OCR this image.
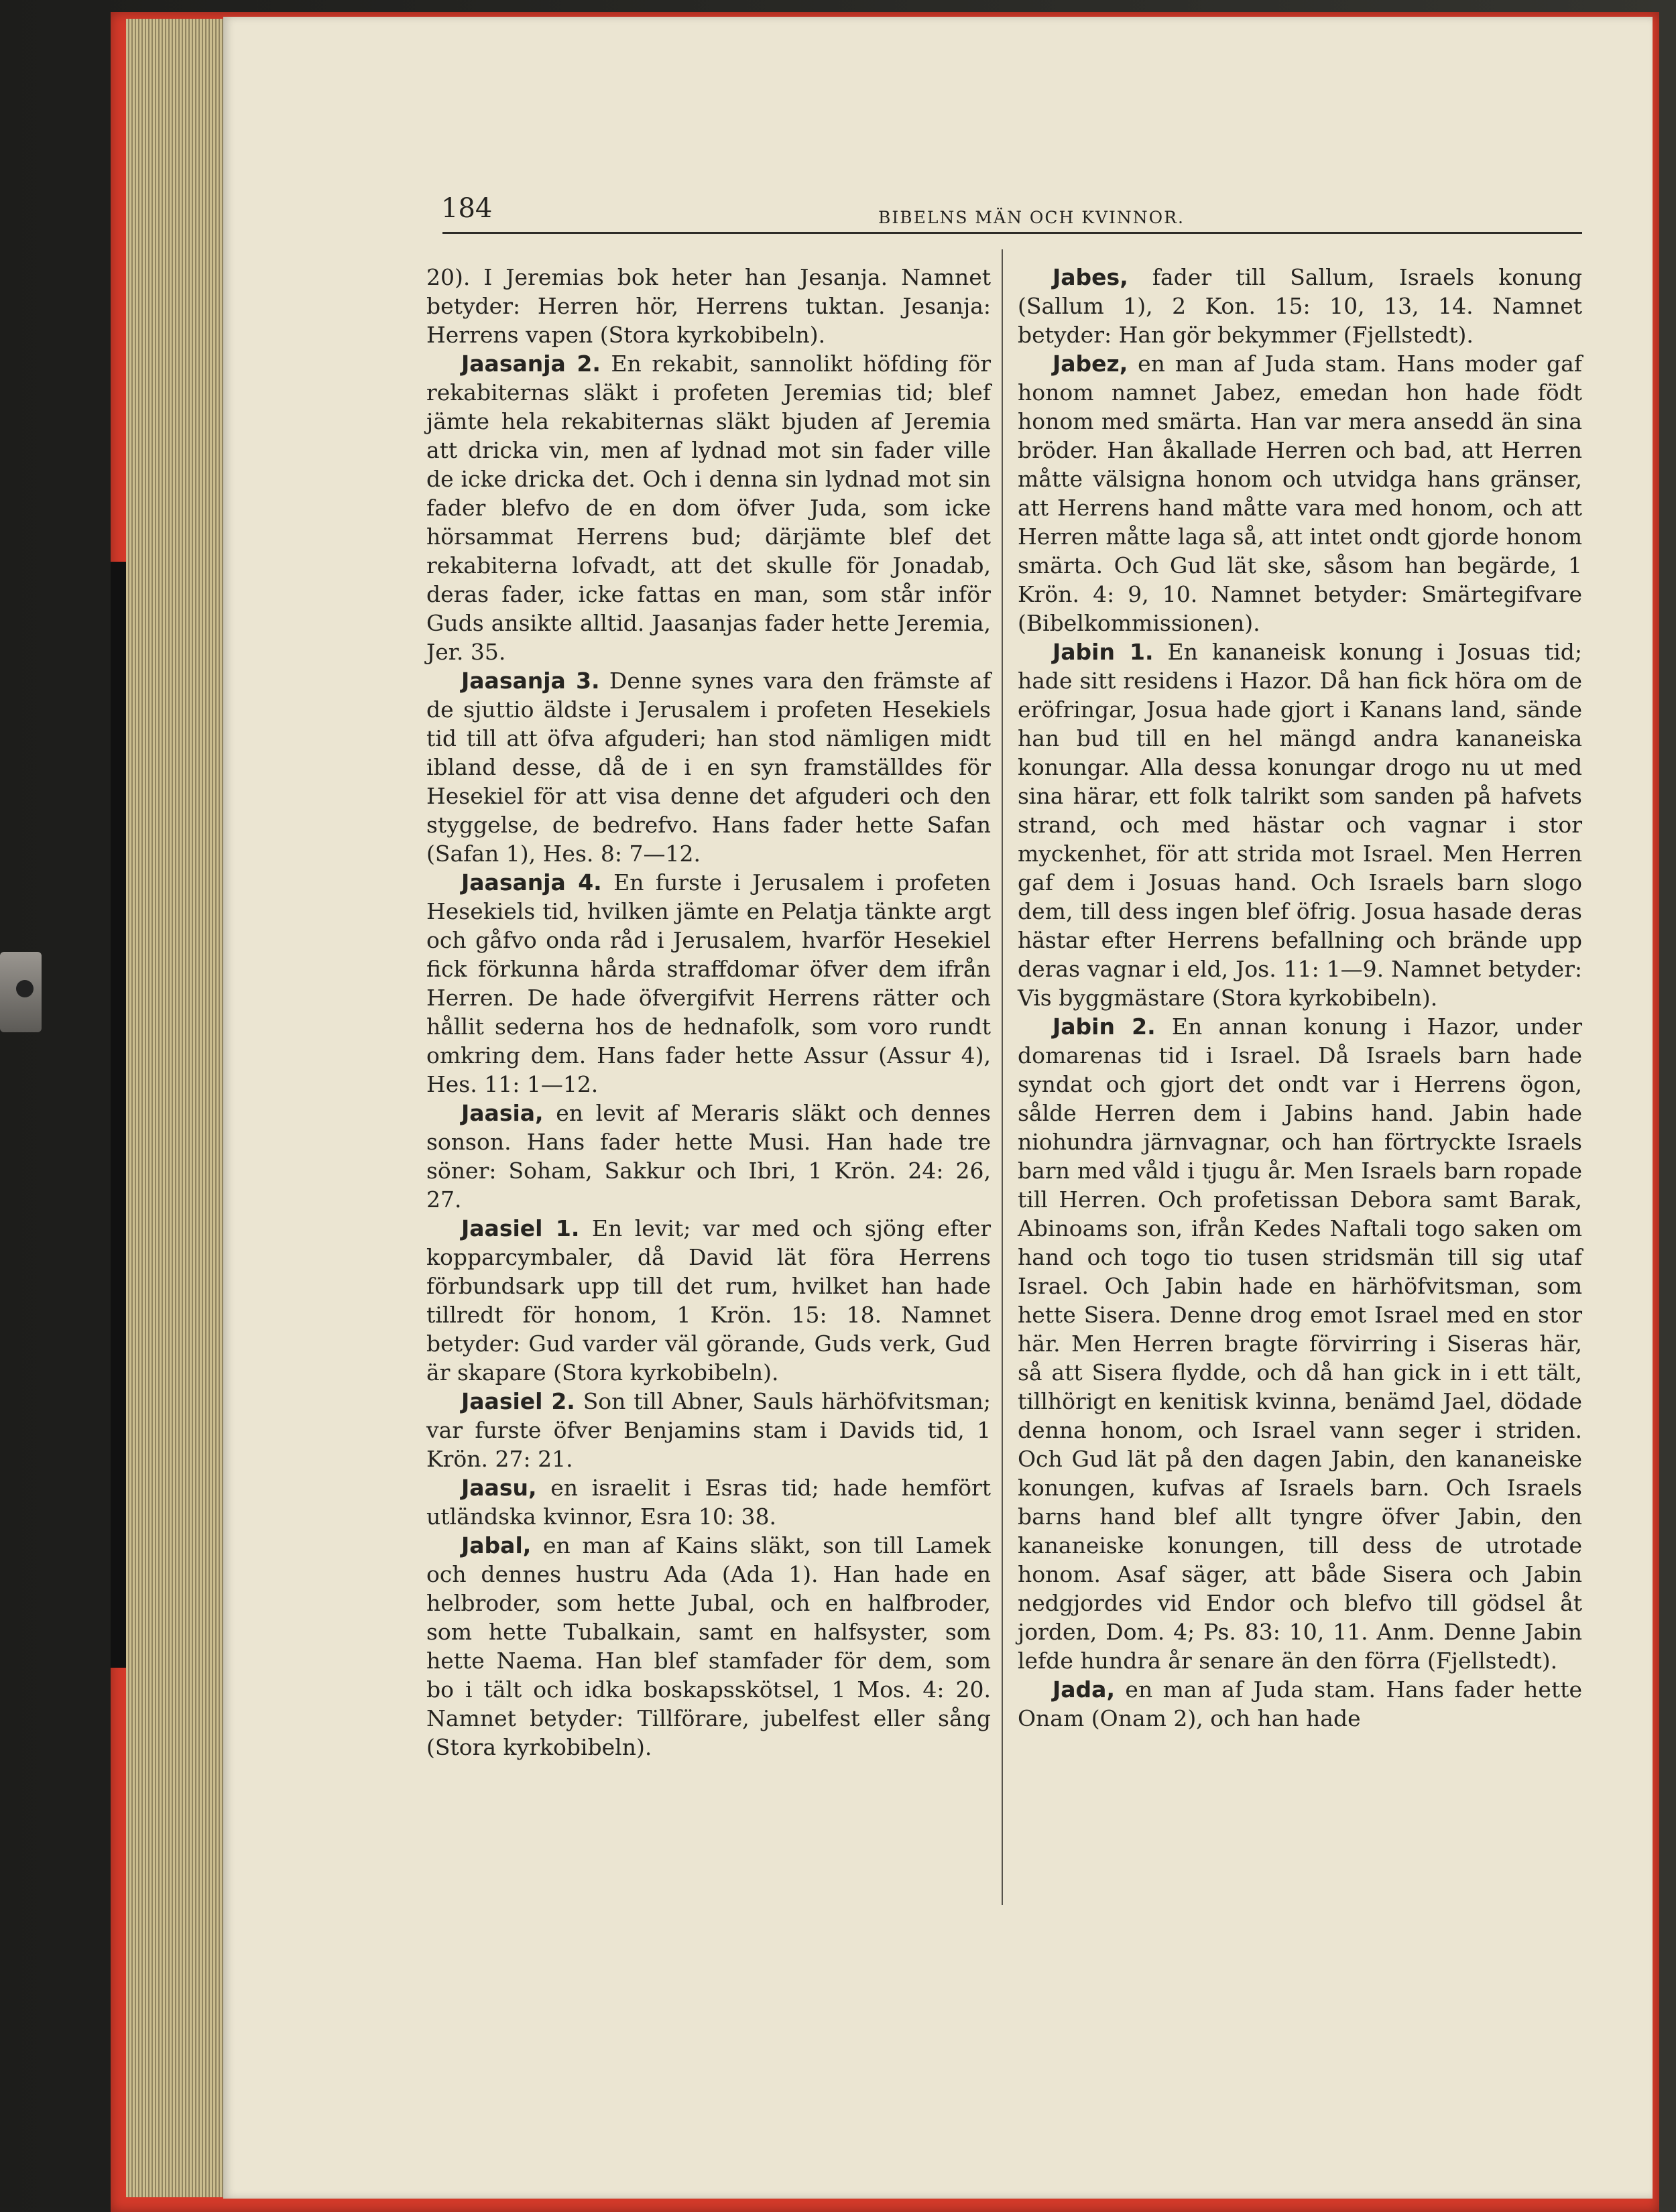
184	BIBELNS MÄN OCH KVINNOR.

20). I Jeremias bok heter han Jesanja. Namnet betyder: Herren hör, Herrens tuktan. Jesanja: Herrens vapen (Stora kyrkobibeln).

Jaasanja 2. En rekabit, sannolikt höfding för rekabiternas släkt i profeten Jeremias tid; blef jämte hela rekabiternas släkt bjuden af Jeremia att dricka vin, men af lydnad mot sin fader ville de icke dricka det. Och i denna sin lydnad mot sin fader blefvo de en dom öfver Juda, som icke hörsammat Herrens bud; därjämte blef det rekabiterna lofvadt, att det skulle för Jonadab, deras fader, icke fattas en man, som står inför Guds ansikte alltid. Jaasanjas fader hette Jeremia, Jer. 35.

Jaasanja 3. Denne synes vara den främste af de sjuttio äldste i Jerusalem i profeten Hesekiels tid till att öfva afguderi; han stod nämligen midt ibland desse, då de i en syn framställdes för Hesekiel för att visa denne det afguderi och den styggelse, de bedrefvo. Hans fader hette Safan (Safan 1), Hes. 8: 7—12.

Jaasanja 4. En furste i Jerusalem i profeten Hesekiels tid, hvilken jämte en Pelatja tänkte argt och gåfvo onda råd i Jerusalem, hvarför Hesekiel fick förkunna hårda straffdomar öfver dem ifrån Herren. De hade öfvergifvit Herrens rätter och hållit sederna hos de hednafolk, som voro rundt omkring dem. Hans fader hette Assur (Assur 4), Hes. 11: 1—12.

Jaasia, en levit af Meraris släkt och dennes sonson. Hans fader hette Musi. Han hade tre söner: Soham, Sakkur och Ibri, 1 Krön. 24: 26, 27.

Jaasiel 1. En levit; var med och sjöng efter kopparcymbaler, då David lät föra Herrens förbundsark upp till det rum, hvilket han hade tillredt för honom, 1 Krön. 15: 18. Namnet betyder: Gud varder väl görande, Guds verk, Gud är skapare (Stora kyrkobibeln).

Jaasiel 2. Son till Abner, Sauls härhöfvitsman; var furste öfver Benjamins stam i Davids tid, 1 Krön. 27: 21.

Jaasu, en israelit i Esras tid; hade hemfört utländska kvinnor, Esra 10: 38.

Jabal, en man af Kains släkt, son till Lamek och dennes hustru Ada (Ada 1). Han hade en helbroder, som hette Jubal, och en halfbroder, som hette Tubalkain, samt en halfsyster, som hette Naema. Han blef stamfader för dem, som bo i tält och idka boskapsskötsel, 1 Mos. 4: 20. Namnet betyder: Tillförare, jubelfest eller sång (Stora kyrkobibeln).

Jabes, fader till Sallum, Israels konung (Sallum 1), 2 Kon. 15: 10, 13, 14. Namnet betyder: Han gör bekymmer (Fjellstedt).

Jabez, en man af Juda stam. Hans moder gaf honom namnet Jabez, emedan hon hade födt honom med smärta. Han var mera ansedd än sina bröder. Han åkallade Herren och bad, att Herren måtte välsigna honom och utvidga hans gränser, att Herrens hand måtte vara med honom, och att Herren måtte laga så, att intet ondt gjorde honom smärta. Och Gud lät ske, såsom han begärde, 1 Krön. 4: 9, 10. Namnet betyder: Smärtegifvare (Bibelkommissionen).

Jabin 1. En kananeisk konung i Josuas tid; hade sitt residens i Hazor. Då han fick höra om de eröfringar, Josua hade gjort i Kanans land, sände han bud till en hel mängd andra kananeiska konungar. Alla dessa konungar drogo nu ut med sina härar, ett folk talrikt som sanden på hafvets strand, och med hästar och vagnar i stor myckenhet, för att strida mot Israel. Men Herren gaf dem i Josuas hand. Och Israels barn slogo dem, till dess ingen blef öfrig. Josua hasade deras hästar efter Herrens befallning och brände upp deras vagnar i eld, Jos. 11: 1—9. Namnet betyder: Vis byggmästare (Stora kyrkobibeln).

Jabin 2. En annan konung i Hazor, under domarenas tid i Israel. Då Israels barn hade syndat och gjort det ondt var i Herrens ögon, sålde Herren dem i Jabins hand. Jabin hade niohundra järnvagnar, och han förtryckte Israels barn med våld i tjugu år. Men Israels barn ropade till Herren. Och profetissan Debora samt Barak, Abinoams son, ifrån Kedes Naftali togo saken om hand och togo tio tusen stridsmän till sig utaf Israel. Och Jabin hade en härhöfvitsman, som hette Sisera. Denne drog emot Israel med en stor här. Men Herren bragte förvirring i Siseras här, så att Sisera flydde, och då han gick in i ett tält, tillhörigt en kenitisk kvinna, benämd Jael, dödade denna honom, och Israel vann seger i striden. Och Gud lät på den dagen Jabin, den kananeiske konungen, kufvas af Israels barn. Och Israels barns hand blef allt tyngre öfver Jabin, den kananeiske konungen, till dess de utrotade honom. Asaf säger, att både Sisera och Jabin nedgjordes vid Endor och blefvo till gödsel åt jorden, Dom. 4; Ps. 83: 10, 11. Anm. Denne Jabin lefde hundra år senare än den förra (Fjellstedt).

Jada, en man af Juda stam. Hans fader hette Onam (Onam 2), och han hade
